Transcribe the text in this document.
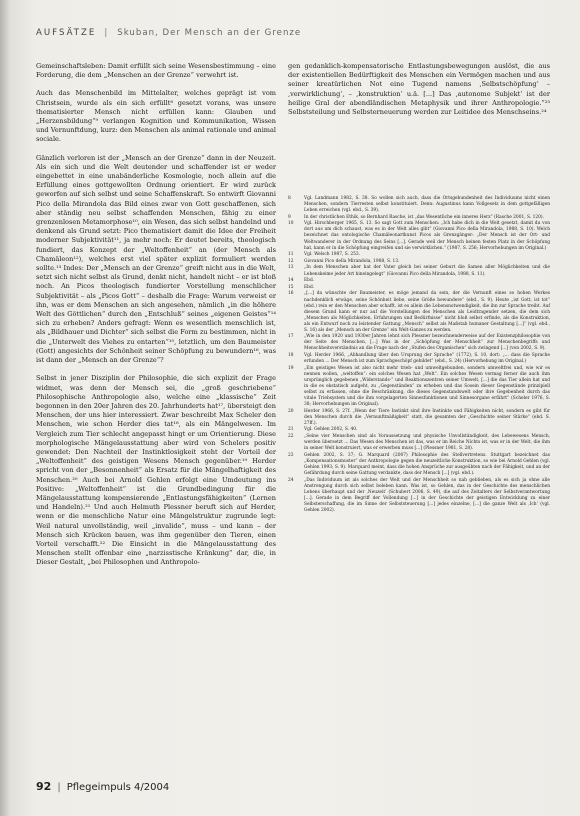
AUFSÄTZE | Skuban, Der Mensch an der Grenze

Gemeinschaftsleben: Damit erfüllt sich seine Wesensbestimmung – eine Forderung, die dem „Menschen an der Grenze“ verwehrt ist.

Auch das Menschenbild im Mittelalter, welches geprägt ist vom Christsein, wurde als ein sich erfüllt⁸ gesetzt vorans, was unsere thematisierter Mensch nicht erfüllen kann: Glauben und „Herzensbildung“⁹ verlangen Kognition und Kommunikation, Wissen und Vernunftdung, kurz: den Menschen als animal rationale und animal sociale.

Gänzlich verloren ist der „Mensch an der Grenze“ dann in der Neuzeit. Als ein sich und die Welt deutender und schaffender ist er weder eingebettet in eine unabänderliche Kosmologie, noch allein auf die Erfüllung eines gottgewollten Ordnung orientiert. Er wird zurück geworfen auf sich selbst und seine Schaffenskraft. So entwirft Giovanni Pico della Mirandola das Bild eines zwar von Gott geschaffenen, sich aber ständig neu selbst schaffenden Menschen, fähig zu einer grenzenlosen Metamorphose¹⁰, ein Wesen, das sich selbst handelnd und denkend als Grund setzt: Pico thematisiert damit die Idee der Freiheit moderner Subjektivität¹¹, ja mehr noch: Er deutet bereits, theologisch fundiert, das Konzept der „Weltoffenheit“ an (der Mensch als Chamäleon¹²), welches erst viel später explizit formuliert werden sollte.¹³ Indes: Der „Mensch an der Grenze“ greift nicht aus in die Welt, setzt sich nicht selbst als Grund, denkt nicht, handelt nicht – er ist bloß noch. An Picos theologisch fundierter Vorstellung menschlicher Subjektivität – als „Picos Gott“ – deshalb die Frage: Warum verweist er ihn, was er dem Menschen an sich angesehen, nämlich „in die höhere Welt des Göttlichen“ durch den „Entschluß“ seines „eigenen Geistes“¹⁴ sich zu erheben? Anders gefragt: Wenn es wesentlich menschlich ist, als „Bildhauer und Dichter“ sich selbst die Form zu bestimmen, nicht in die „Unterwelt des Viehes zu entarten“¹⁵, letztlich, um den Baumeister (Gott) angesichts der Schönheit seiner Schöpfung zu bewundern¹⁶, was ist dann der „Mensch an der Grenze“?

Selbst in jener Disziplin der Philosophie, die sich explizit der Frage widmet, was denn der Mensch sei, die „groß geschriebene“ Philosophische Anthropologie also, welche eine „klassische“ Zeit begonnen in den 20er Jahren des 20. Jahrhunderts hat¹⁷, übersteigt den Menschen, der uns hier interessiert. Zwar beschreibt Max Scheler den Menschen, wie schon Herder dies tat¹⁸, als ein Mängelwesen. Im Vergleich zum Tier schlecht angepasst hingt er um Orientierung. Diese morphologische Mängelausstattung aber wird von Schelers positiv gewendet: Den Nachteil der Instinktlosigkeit steht der Vorteil der „Weltoffenheit“ des geistigen Wesens Mensch gegenüber.¹⁹ Herder spricht von der „Besonnenheit“ als Ersatz für die Mängelhaftigkeit des Menschen.²⁰ Auch bei Arnold Gehlen erfolgt eine Umdeutung ins Positive: „Weltoffenheit“ ist die Grundbedingung für die Mängelausstattung kompensierende „Entlastungsfähigkeiten“ (Lernen und Handeln).²¹ Und auch Helmuth Plessner beruft sich auf Herder, wenn er die menschliche Natur eine Mängelstruktur zugrunde legt: Weil natural unvollständig, weil „invalide“, muss – und kann – der Mensch sich Krücken bauen, was ihm gegenüber den Tieren, einen Vorteil verschafft.²² Die Einsicht in die Mängelausstattung des Menschen stellt offenbar eine „narzisstische Kränkung“ dar, die, in Dieser Gestalt, „bei Philosophen und Anthropolo-

gen gedanklich-kompensatorische Entlastungsbewegungen auslöst, die aus der existentiellen Bedürftigkeit des Menschen ein Vermögen machen und aus seiner kreatürlichen Not eine Tugend namens ‚Selbstschöpfung‘ – ‚verwirklichung‘, – ‚konstruktion‘ u.ä. [...] Das ‚autonome Subjekt‘ ist der heilige Gral der abendländischen Metaphysik und ihrer Anthropologie.“²³ Selbststeilung und Selbsterneuerung werden zur Leitidee des Menschseins.²⁴

8	Vgl. Landmann 1982, S. 38. So wollen sich auch, dass die Ortsgebundenheit des Individuums nicht einen Menschen, sondern Tierresten selbst konstituiert. Denn: Augustinus kann Vollgesetz in dem gottgefälligen Leben erreichen (vgl. ebd., S. 39).
9	In der christlichen Ethik, so Bernhard Rasche, ist „das Wesentliche ein inneres Herz“ (Rasche 2001, S. 120).
10	Vgl. Hirschberger 1965, S. 13. So sagt Gott zum Menschen: „Ich habe dich in die Welt gesetzt, damit du von dort aus um dich schaust, was es in der Welt alles gibt“ (Giovanni Pico della Mirandola, 1988, S. 10). Welch bezeichnet das ontologische Chamäleonartkunst Picos als Grenzgänger: „Der Mensch ist der Ort- und Weltwanderer in der Ordnung des Seins [...]. Gerade weil der Mensch keinen festen Platz in der Schöpfung hat, kann er in die Schöpfung eingreifen und sie verwirklichen.“ (1987, S. 256; Hervorhebungen im Original.)
11	Vgl. Welsch 1987, S. 253.
12	Giovanni Pico della Mirandola, 1988, S. 13.
13	„In dem Menschen aber hat der Vater gleich bei seiner Geburt die Samen aller Möglichkeiten und die Lebenskeime jeder Art hineingelegt“ (Giovanni Pico della Mirandola, 1988, S. 11).
14	Ebd.
15	Ebd.
16	„[...] da wünschte der Baumeister, es möge jemand da sein, der die Vernunft eines so hohen Werkes nachdenklich erwäge, seine Schönheit liebe, seine Größe bewundere“ (ebd., S. 9). Heute „ist Gott, ist tot“ (ebd.) rein er den Menschen aber schafft, ist es allein die Lebensnotwendigkeit, die ihn zur Sprache treibt. Auf diesem Grund kann er nur auf die Vorstellungen des Menschen als Leidtragender setzen, die dem sich „Menschen als Möglichkeiten, Erfahrungen und Bedürfnisse“ nicht bloß selbst erfinde, als die Konstruktion, als ein Entwurf noch zu leistender Gattung „Mensch“ selbst als Maßstab humaner Gestaltung [...]“ (vgl. ebd., S. 16) als der „Mensch an der Grenze“ ein Welt-Ganzes zu werden.
17	„Wie in den 1920 und 1930er Jahren lehnt sich Plessner bezeichnenderweise auf der Existenzphilosophie von der Seite des Menschen, [...] Was in der „Schöpfung der Menschheit“ zur Menschenbegriffs und Menschheitsverständnis an die Frage nach der „Stufen des Organischen“ sich zwingend [...] (von 2002, S. 9).
18	Vgl. Herder 1966, „Abhandlung über den Ursprung der Sprache“ (1772), S. 10, dort: „... dass die Sprache erfunden ... Der Mensch ist zum Sprachgeschöpf gebildet“ (ebd., S. 24) (Hervorhebung im Original.)
19	„Ein geistiges Wesen ist also nicht mehr trieb- und umweltgebunden, sondern umweltfrei und, wie wir es nennen wollen, „weltoffen“: ein solches Wesen hat „Welt“. Ein solches Wesen vermag ferner die auch ihm ursprünglich gegebenen „Widerstands-“ und Reaktionszentren seiner Umwelt, [...] die das Tier allein hat und in die es ekstatisch aufgeht, zu „Gegenständen“ zu erheben und das Sosein dieser Gegenstände prinzipiell selbst zu erfassen, ohne die Beschränkung, die dieses Gegenstandswelt oder ihre Gegebenheit durch das vitale Triebsystem und die ihm vorgelagerten Sinnesfunktionen und Sinnesorgane erfährt“ (Scheler 1976, S. 38; Hervorhebungen im Original).
20	Herder 1966, S. 27f. „Wenn der Tiere Instinkt sind ihre Instinkte und Fähigkeiten nicht, sondern es gibt für den Menschen durch die „Vernunftmäßigkeit“ statt, die gesamten der „Geschichte seiner Stärke“ (ebd. S. 27ff.).
21	Vgl. Gehlen 2002, S. 40.
22	„Seine vier Menschen sind als Voraussetzung und physische Unvollständigkeit, des Lebewesens Mensch, werden übersetzt ... Das Wesen des Menschen ist das, was er im Reiche Nichts ist, was er in der Welt, die ihm in seiner Welt konstruiert, was er erwerben muss [...] (Plessner 1981, S. 28).
23	Gehlen 2002, S. 37; G. Marquard (2007) Philosophie des Stellvertretens. Stuttgart bezeichnet das „Kompensationsmuster“ der Anthropologie gegen die neuzeitliche Konstruktion, so wie bei Arnold Gehlen (vgl. Gehlen 1993; S. 9). Marquard meint, dass die hohen Ansprüche zur ausgeübten nach der Fähigkeit, und an der Gefährdung durch seine Gattung verdankte, dass der Mensch [...] (vgl. ebd.).
24	„Das Individuum ist als solches der Welt und der Menschheit so nah geblieben, als es sich ja ohne alle Anstrengung durch sich selbst beleben kann. Was ist, so Gehlen, das in der Geschichte des menschlichen Lebens überhaupt und der ‚Neuzeit‘ (Schubert 2006, S. 49), die auf des Zeitalters der Selbstverantwortung [...]. Gerade in dem Begriff der Vollendung [...] in der Geschichte der geistigen Entwicklung zu einer Selbsterschaffung, die im Sinne der Selbststeuerung [...] jedes einzelne, [...] die ganze Welt als ‚Ich‘ (vgl. Gehlen 2002).
92 | Pflegeimpuls 4/2004
